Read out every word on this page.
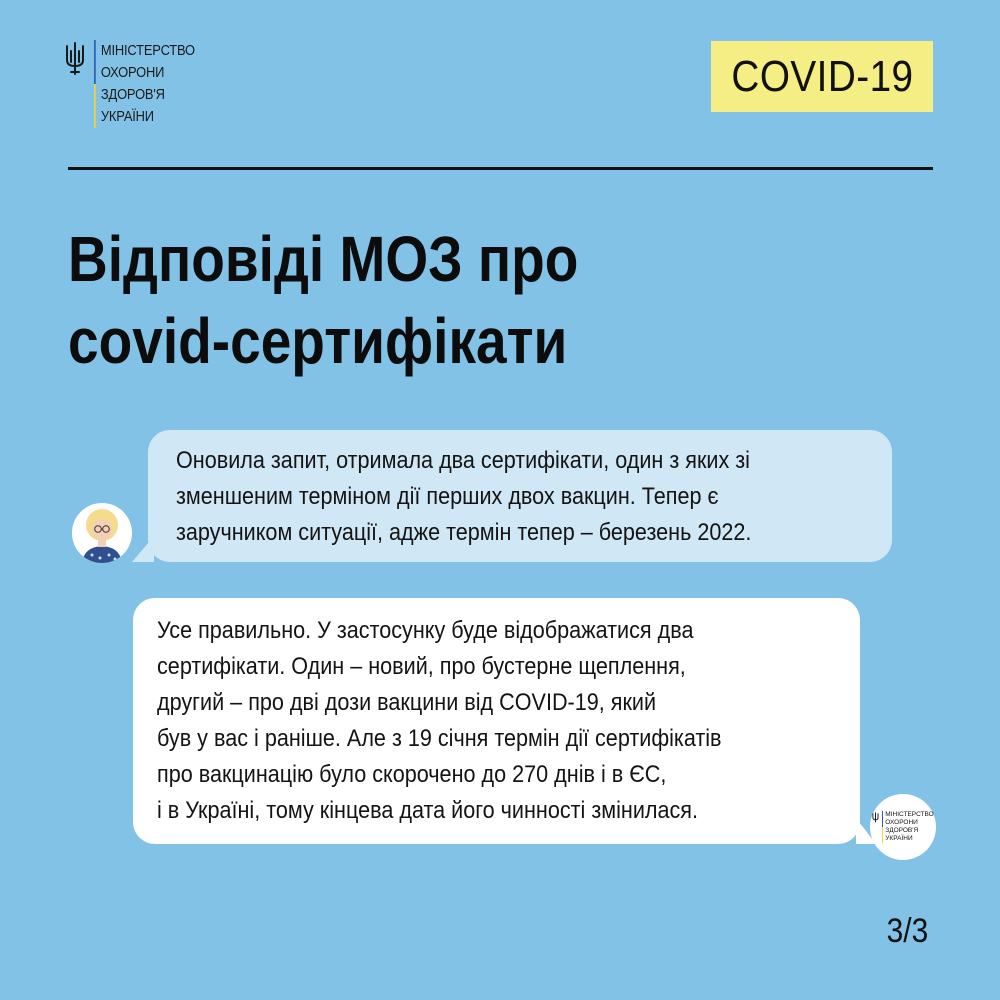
МІНІСТЕРСТВО
ОХОРОНИ
ЗДОРОВ'Я
УКРАЇНИ
COVID-19
Відповіді МОЗ про
covid-сертифікати

Оновила запит, отримала два сертифікати, один з яких зі

зменшеним терміном дії перших двох вакцин. Тепер є

заручником ситуації, адже термін тепер – березень 2022.

Усе правильно. У застосунку буде відображатися два

сертифікати. Один – новий, про бустерне щеплення,

другий – про дві дози вакцини від COVID-19, який

був у вас і раніше. Але з 19 січня термін дії сертифікатів

про вакцинацію було скорочено до 270 днів і в ЄС,

і в Україні, тому кінцева дата його чинності змінилася.	МІНІСТЕРСТВО
ОХОРОНИ
ЗДОРОВ'Я
УКРАЇНИ
3/3
